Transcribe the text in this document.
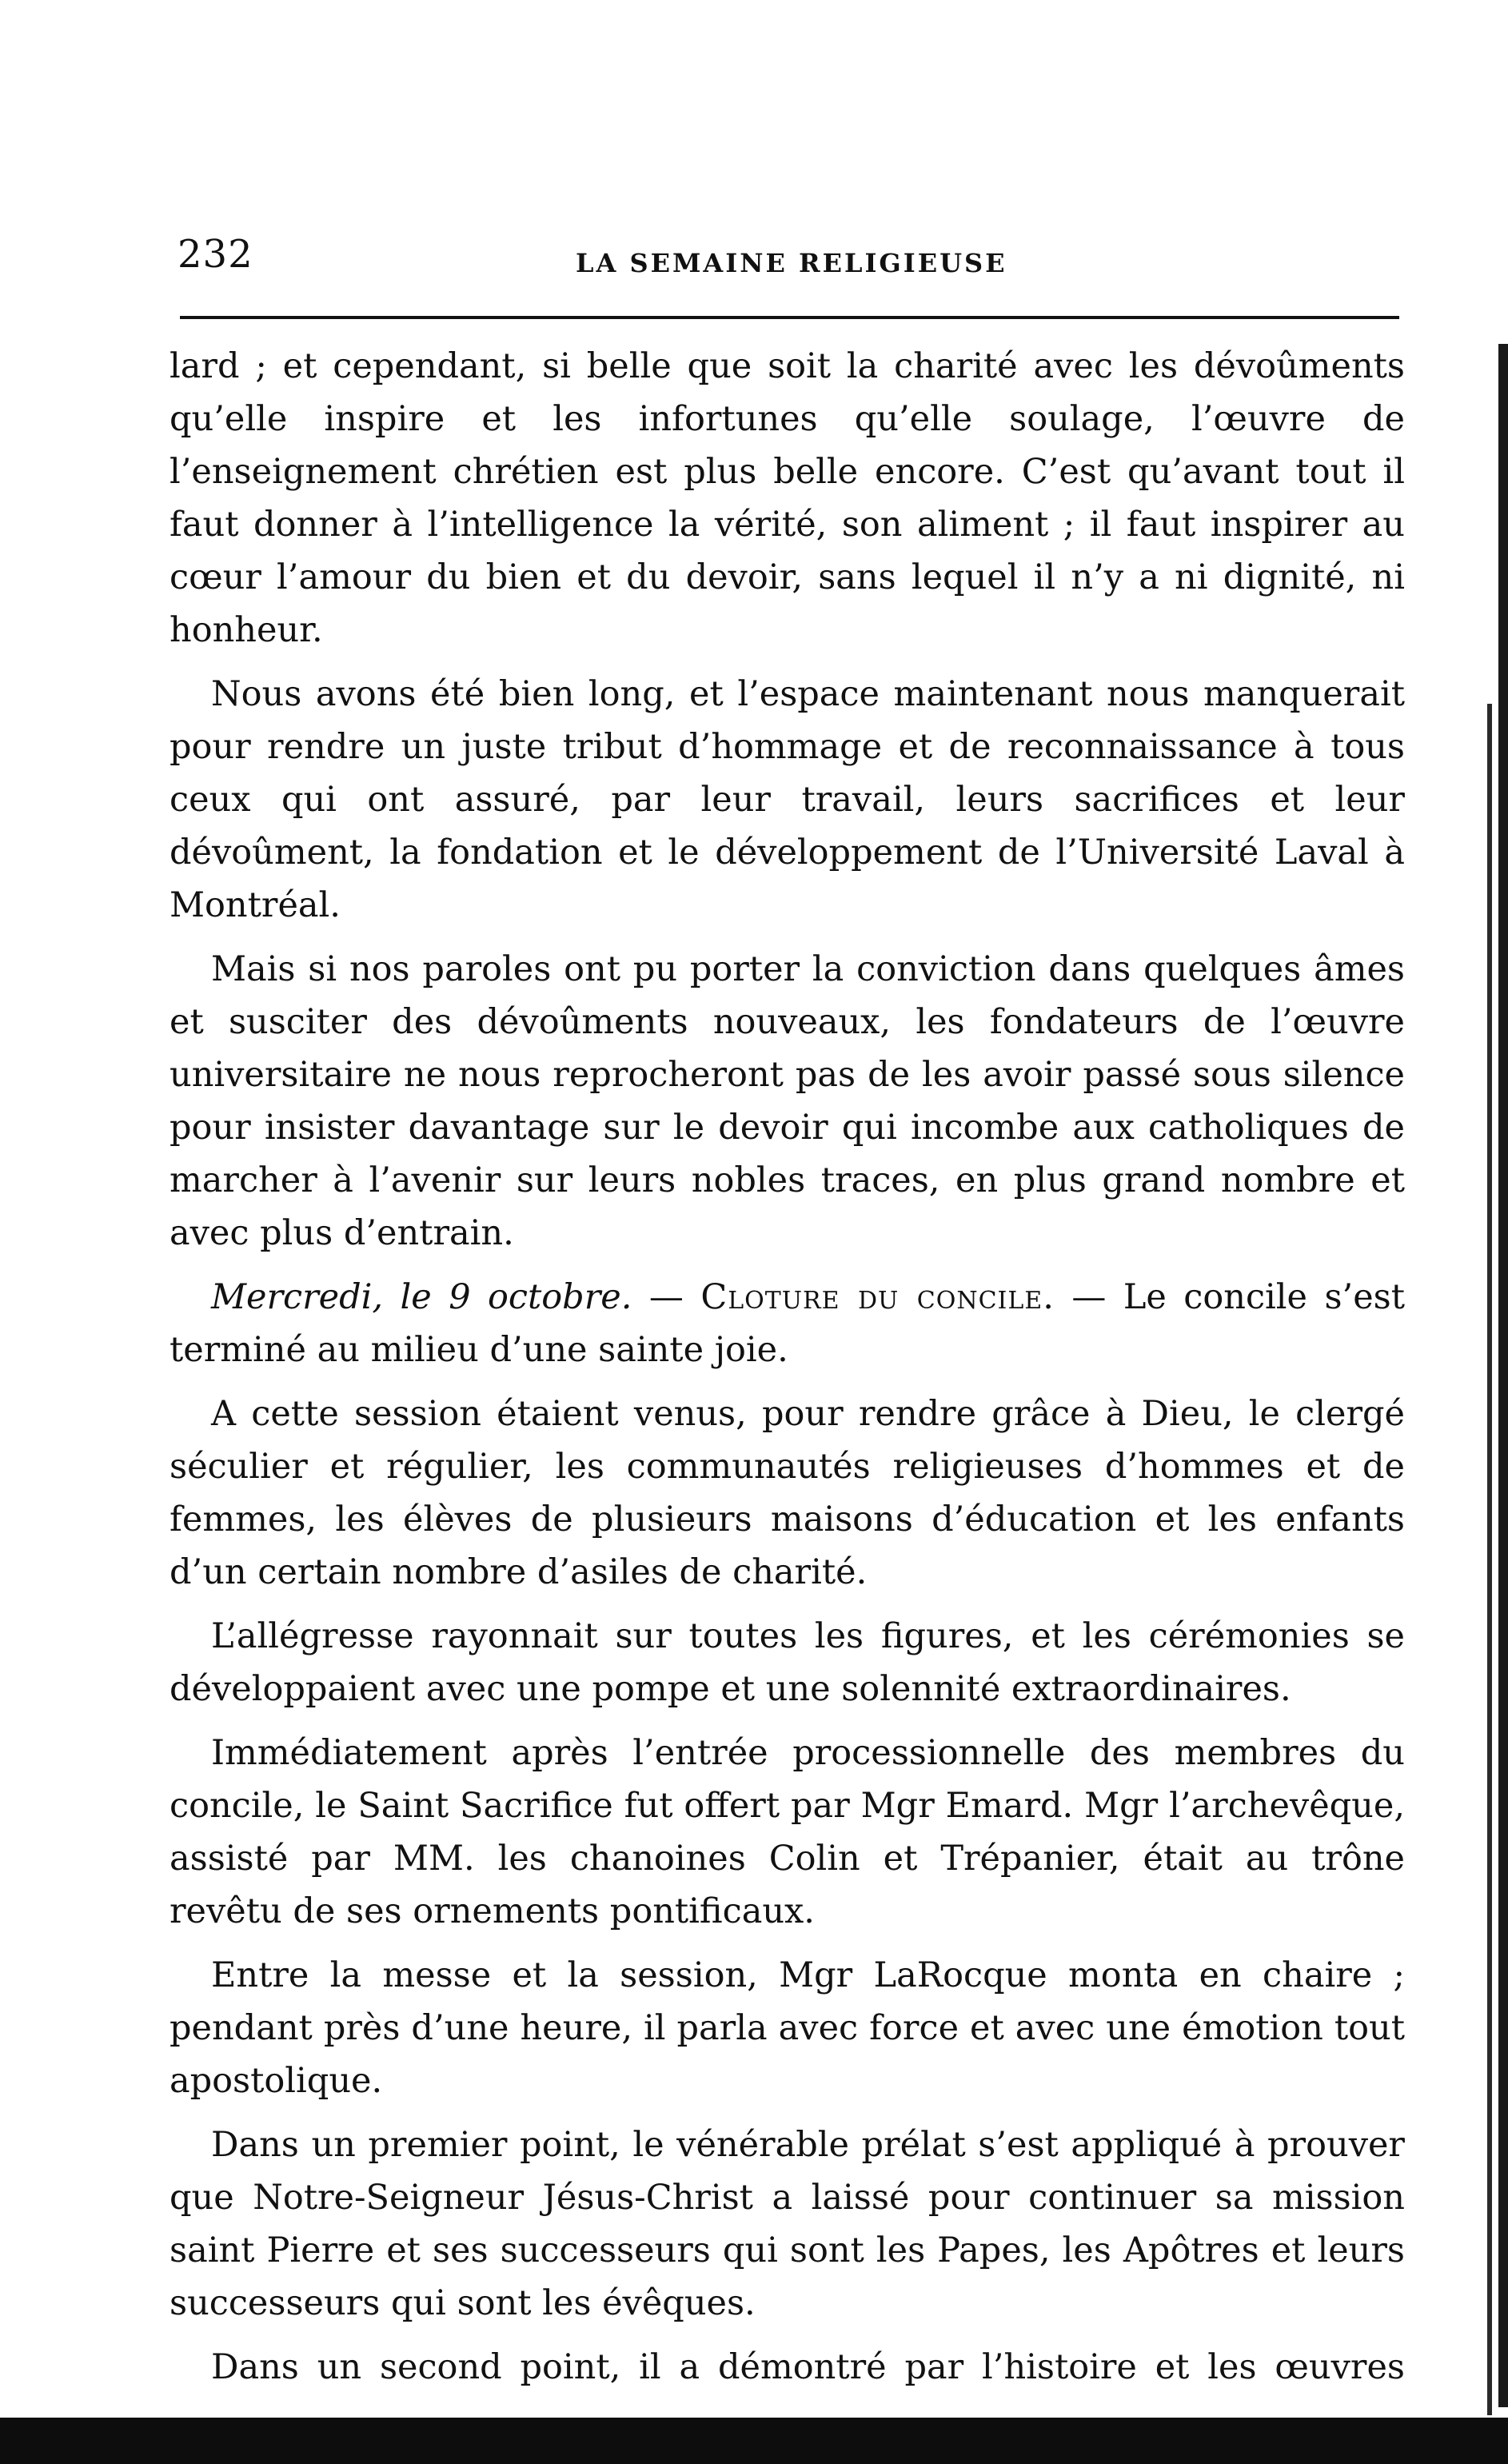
232	LA SEMAINE RELIGIEUSE

lard ; et cependant, si belle que soit la charité avec les dévoûments qu’elle inspire et les infortunes qu’elle soulage, l’œuvre de l’enseignement chrétien est plus belle encore. C’est qu’avant tout il faut donner à l’intelligence la vérité, son aliment ; il faut inspirer au cœur l’amour du bien et du devoir, sans lequel il n’y a ni dignité, ni honheur.

Nous avons été bien long, et l’espace maintenant nous manquerait pour rendre un juste tribut d’hommage et de reconnaissance à tous ceux qui ont assuré, par leur travail, leurs sacrifices et leur dévoûment, la fondation et le développement de l’Université Laval à Montréal.

Mais si nos paroles ont pu porter la conviction dans quelques âmes et susciter des dévoûments nouveaux, les fondateurs de l’œuvre universitaire ne nous reprocheront pas de les avoir passé sous silence pour insister davantage sur le devoir qui incombe aux catholiques de marcher à l’avenir sur leurs nobles traces, en plus grand nombre et avec plus d’entrain.

Mercredi, le 9 octobre. — Cloture du concile. — Le concile s’est terminé au milieu d’une sainte joie.

A cette session étaient venus, pour rendre grâce à Dieu, le clergé séculier et régulier, les communautés religieuses d’hommes et de femmes, les élèves de plusieurs maisons d’éducation et les enfants d’un certain nombre d’asiles de charité.

L’allégresse rayonnait sur toutes les figures, et les cérémonies se développaient avec une pompe et une solennité extraordinaires.

Immédiatement après l’entrée processionnelle des membres du concile, le Saint Sacrifice fut offert par Mgr Emard. Mgr l’archevêque, assisté par MM. les chanoines Colin et Trépanier, était au trône revêtu de ses ornements pontificaux.

Entre la messe et la session, Mgr LaRocque monta en chaire ; pendant près d’une heure, il parla avec force et avec une émotion tout apostolique.

Dans un premier point, le vénérable prélat s’est appliqué à prouver que Notre-Seigneur Jésus-Christ a laissé pour continuer sa mission saint Pierre et ses successeurs qui sont les Papes, les Apôtres et leurs successeurs qui sont les évêques.

Dans un second point, il a démontré par l’histoire et les œuvres
